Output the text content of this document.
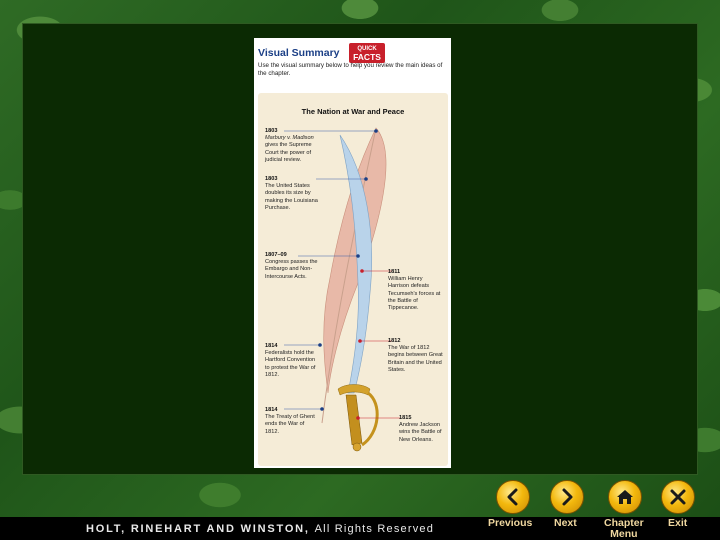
Visual Summary	QUICK
FACTS
Use the visual summary below to help you review the main ideas of the chapter.
The Nation at War and Peace
1803
Marbury v. Madison gives the Supreme Court the power of judicial review.
1803
The United States doubles its size by making the Louisiana Purchase.
1807–09
Congress passes the Embargo and Non-Intercourse Acts.
1811
William Henry Harrison defeats Tecumseh's forces at the Battle of Tippecanoe.
1812
The War of 1812 begins between Great Britain and the United States.
1814
Federalists hold the Hartford Convention to protest the War of 1812.
1814
The Treaty of Ghent ends the War of 1812.
1815
Andrew Jackson wins the Battle of New Orleans.
HOLT, RINEHART AND WINSTON, All Rights Reserved	Previous Next	Chapter
Menu
Exit
